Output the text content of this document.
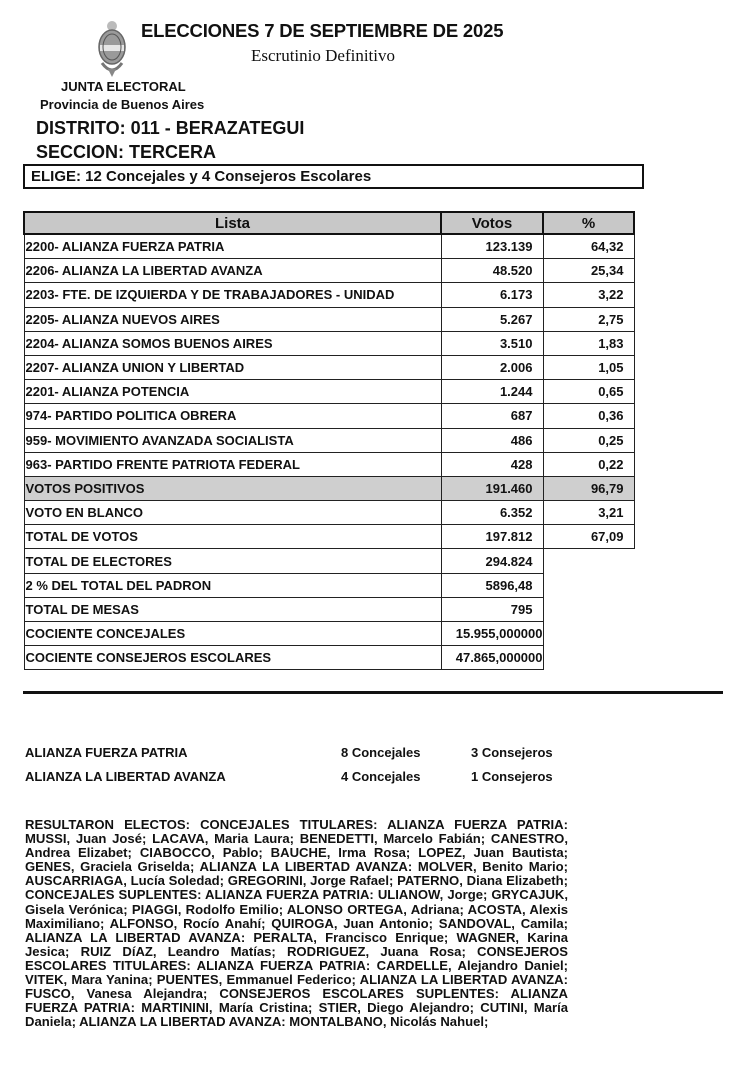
ELECCIONES 7 DE SEPTIEMBRE DE 2025
Escrutinio Definitivo
JUNTA ELECTORAL
Provincia de Buenos Aires
DISTRITO: 011 - BERAZATEGUI
SECCION: TERCERA
ELIGE: 12 Concejales y 4 Consejeros Escolares
Lista	Votos	%
2200- ALIANZA FUERZA PATRIA	123.139	64,32
2206- ALIANZA LA LIBERTAD AVANZA	48.520	25,34
2203- FTE. DE IZQUIERDA Y DE TRABAJADORES - UNIDAD	6.173	3,22
2205- ALIANZA NUEVOS AIRES	5.267	2,75
2204- ALIANZA SOMOS BUENOS AIRES	3.510	1,83
2207- ALIANZA UNION Y LIBERTAD	2.006	1,05
2201- ALIANZA POTENCIA	1.244	0,65
974- PARTIDO POLITICA OBRERA	687	0,36
959- MOVIMIENTO AVANZADA SOCIALISTA	486	0,25
963- PARTIDO FRENTE PATRIOTA FEDERAL	428	0,22
VOTOS POSITIVOS	191.460	96,79
VOTO EN BLANCO	6.352	3,21
TOTAL DE VOTOS	197.812	67,09
TOTAL DE ELECTORES	294.824	
2 % DEL TOTAL DEL PADRON	5896,48	
TOTAL DE MESAS	795	
COCIENTE CONCEJALES	15.955,000000	
COCIENTE CONSEJEROS ESCOLARES	47.865,000000	
ALIANZA FUERZA PATRIA	8 Concejales	3 Consejeros
ALIANZA LA LIBERTAD AVANZA	4 Concejales	1 Consejeros
RESULTARON ELECTOS: CONCEJALES TITULARES: ALIANZA FUERZA PATRIA: MUSSI, Juan José; LACAVA, Maria Laura; BENEDETTI, Marcelo Fabián; CANESTRO, Andrea Elizabet; CIABOCCO, Pablo; BAUCHE, Irma Rosa; LOPEZ, Juan Bautista; GENES, Graciela Griselda; ALIANZA LA LIBERTAD AVANZA: MOLVER, Benito Mario; AUSCARRIAGA, Lucía Soledad; GREGORINI, Jorge Rafael; PATERNO, Diana Elizabeth; CONCEJALES SUPLENTES: ALIANZA FUERZA PATRIA: ULIANOW, Jorge; GRYCAJUK, Gisela Verónica; PIAGGI, Rodolfo Emilio; ALONSO ORTEGA, Adriana; ACOSTA, Alexis Maximiliano; ALFONSO, Rocío Anahí; QUIROGA, Juan Antonio; SANDOVAL, Camila; ALIANZA LA LIBERTAD AVANZA: PERALTA, Francisco Enrique; WAGNER, Karina Jesica; RUIZ DíAZ, Leandro Matías; RODRIGUEZ, Juana Rosa; CONSEJEROS ESCOLARES TITULARES: ALIANZA FUERZA PATRIA: CARDELLE, Alejandro Daniel; VITEK, Mara Yanina; PUENTES, Emmanuel Federico; ALIANZA LA LIBERTAD AVANZA: FUSCO, Vanesa Alejandra; CONSEJEROS ESCOLARES SUPLENTES: ALIANZA FUERZA PATRIA: MARTININI, María Cristina; STIER, Diego Alejandro; CUTINI, María Daniela; ALIANZA LA LIBERTAD AVANZA: MONTALBANO, Nicolás Nahuel;
